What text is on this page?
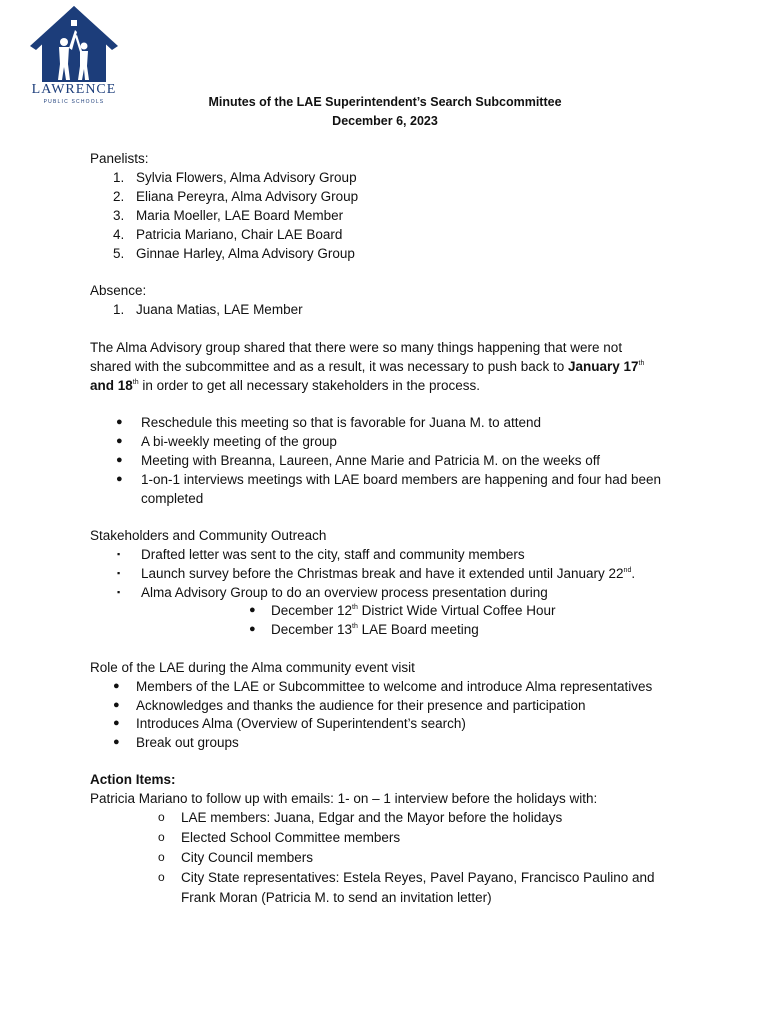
LAWRENCE
PUBLIC SCHOOLS	Minutes of the LAE Superintendent’s Search Subcommittee
December 6, 2023
Panelists:
1. Sylvia Flowers, Alma Advisory Group
2. Eliana Pereyra, Alma Advisory Group
3. Maria Moeller, LAE Board Member
4. Patricia Mariano, Chair LAE Board
5. Ginnae Harley, Alma Advisory Group
Absence:
1. Juana Matias, LAE Member
The Alma Advisory group shared that there were so many things happening that were not
shared with the subcommittee and as a result, it was necessary to push back to January 17th
and 18th in order to get all necessary stakeholders in the process.
● Reschedule this meeting so that is favorable for Juana M. to attend
● A bi-weekly meeting of the group
● Meeting with Breanna, Laureen, Anne Marie and Patricia M. on the weeks off
● 1-on-1 interviews meetings with LAE board members are happening and four had been
completed
Stakeholders and Community Outreach
▪ Drafted letter was sent to the city, staff and community members
▪ Launch survey before the Christmas break and have it extended until January 22nd.
▪ Alma Advisory Group to do an overview process presentation during
● December 12th District Wide Virtual Coffee Hour
● December 13th LAE Board meeting
Role of the LAE during the Alma community event visit
● Members of the LAE or Subcommittee to welcome and introduce Alma representatives
● Acknowledges and thanks the audience for their presence and participation
● Introduces Alma (Overview of Superintendent’s search)
● Break out groups
Action Items:
Patricia Mariano to follow up with emails: 1- on – 1 interview before the holidays with:
o LAE members: Juana, Edgar and the Mayor before the holidays
o Elected School Committee members
o City Council members
o City State representatives: Estela Reyes, Pavel Payano, Francisco Paulino and
Frank Moran (Patricia M. to send an invitation letter)
